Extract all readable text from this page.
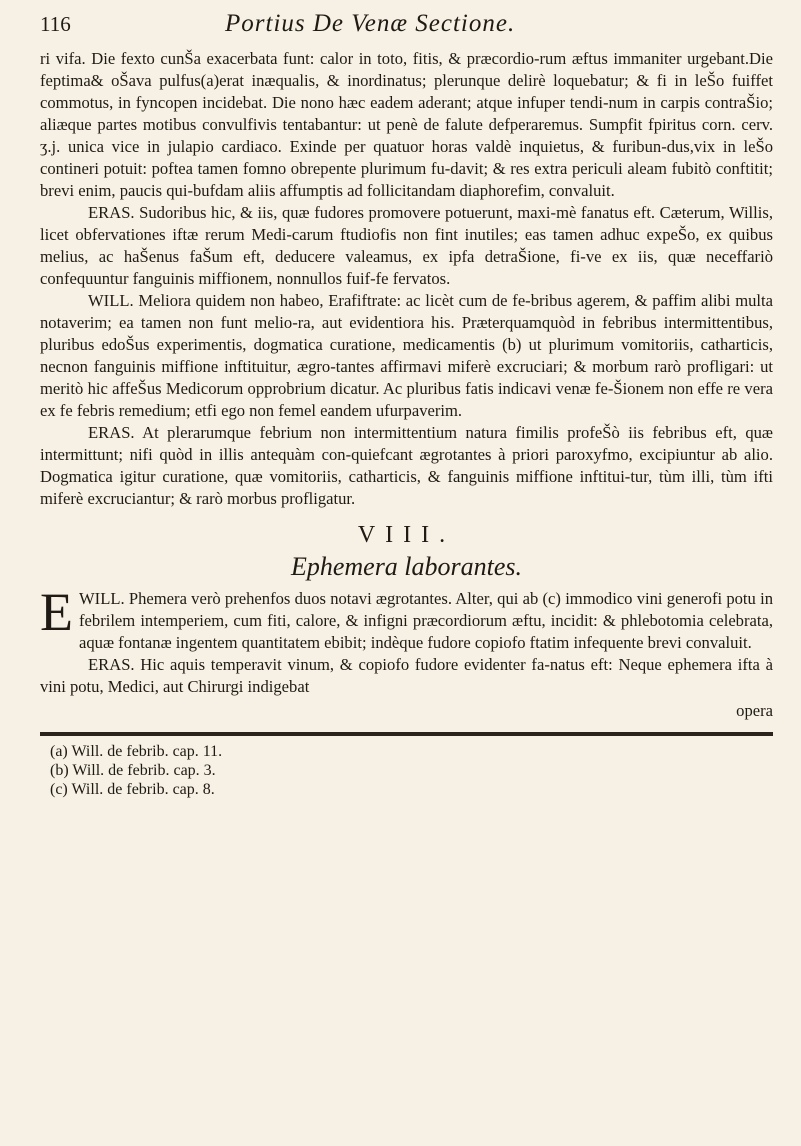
116	Portius De Venæ Sectione.

ri vifa. Die fexto cunŠa exacerbata funt: calor in toto, fitis, & præcordio-rum æftus immaniter urgebant.Die feptima& oŠava pulfus(a)erat inæqualis, & inordinatus; plerunque delirè loquebatur; & fi in leŠo fuiffet commotus, in fyncopen incidebat. Die nono hæc eadem aderant; atque infuper tendi-num in carpis contraŠio; aliæque partes motibus convulfivis tentabantur: ut penè de falute defperaremus. Sumpfit fpiritus corn. cerv. ʒ.j. unica vice in julapio cardiaco. Exinde per quatuor horas valdè inquietus, & furibun-dus,vix in leŠo contineri potuit: poftea tamen fomno obrepente plurimum fu-davit; & res extra periculi aleam fubitò conftitit; brevi enim, paucis qui-bufdam aliis affumptis ad follicitandam diaphorefim, convaluit.

ERAS. Sudoribus hic, & iis, quæ fudores promovere potuerunt, maxi-mè fanatus eft. Cæterum, Willis, licet obfervationes iftæ rerum Medi-carum ftudiofis non fint inutiles; eas tamen adhuc expeŠo, ex quibus melius, ac haŠenus faŠum eft, deducere valeamus, ex ipfa detraŠione, fi-ve ex iis, quæ neceffariò confequuntur fanguinis miffionem, nonnullos fuif-fe fervatos.

WILL. Meliora quidem non habeo, Erafiftrate: ac licèt cum de fe-bribus agerem, & paffim alibi multa notaverim; ea tamen non funt melio-ra, aut evidentiora his. Præterquamquòd in febribus intermittentibus, pluribus edoŠus experimentis, dogmatica curatione, medicamentis (b) ut plurimum vomitoriis, catharticis, necnon fanguinis miffione inftituitur, ægro-tantes affirmavi miferè excruciari; & morbum rarò profligari: ut meritò hic affeŠus Medicorum opprobrium dicatur. Ac pluribus fatis indicavi venæ fe-Šionem non effe re vera ex fe febris remedium; etfi ego non femel eandem ufurpaverim.

ERAS. At plerarumque febrium non intermittentium natura fimilis profeŠò iis febribus eft, quæ intermittunt; nifi quòd in illis antequàm con-quiefcant ægrotantes à priori paroxyfmo, excipiuntur ab alio. Dogmatica igitur curatione, quæ vomitoriis, catharticis, & fanguinis miffione inftitui-tur, tùm illi, tùm ifti miferè excruciantur; & rarò morbus profligatur.

VIII.
Ephemera laborantes.

WILL.
E	Phemera verò prehenfos duos notavi ægrotantes. Alter, qui ab (c) immodico vini generofi potu in febrilem intemperiem, cum fiti, calore, & infigni præcordiorum æftu, incidit: & phlebotomia celebrata, aquæ fontanæ ingentem quantitatem ebibit; indèque fudore copiofo ftatim infequente brevi convaluit.

ERAS. Hic aquis temperavit vinum, & copiofo fudore evidenter fa-natus eft: Neque ephemera ifta à vini potu, Medici, aut Chirurgi indigebat

opera
(a) Will. de febrib. cap. 11.
(b) Will. de febrib. cap. 3.
(c) Will. de febrib. cap. 8.
